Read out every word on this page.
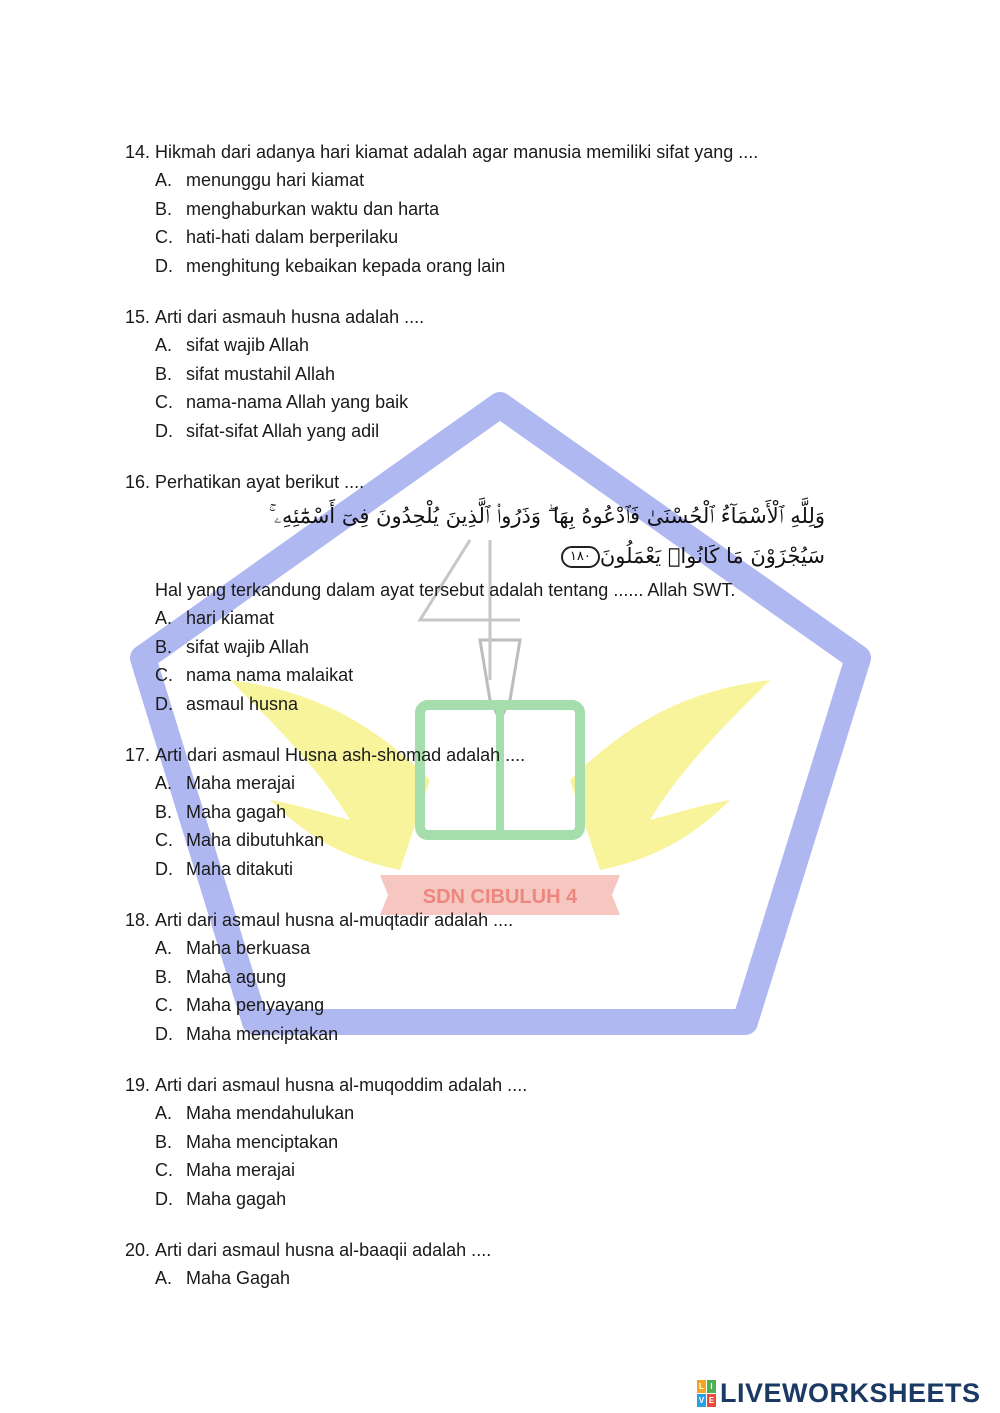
SDN CIBULUH 4
14. Hikmah dari adanya hari kiamat adalah agar manusia memiliki sifat yang ....
A. menunggu hari kiamat
B. menghaburkan waktu dan harta
C. hati-hati dalam berperilaku
D. menghitung kebaikan kepada orang lain
15. Arti dari asmauh husna adalah ....
A. sifat wajib Allah
B. sifat mustahil Allah
C. nama-nama Allah yang baik
D. sifat-sifat Allah yang adil
16. Perhatikan ayat berikut ....
وَلِلَّهِ ٱلْأَسْمَآءُ ٱلْحُسْنَىٰ فَٱدْعُوهُ بِهَا ۖ وَذَرُوا۟ ٱلَّذِينَ يُلْحِدُونَ فِىٓ أَسْمَٰٓئِهِۦ ۚ
سَيُجْزَوْنَ مَا كَانُوا۟ يَعْمَلُونَ١٨٠
Hal yang terkandung dalam ayat tersebut adalah tentang ...... Allah SWT.
A. hari kiamat
B. sifat wajib Allah
C. nama nama malaikat
D. asmaul husna
17. Arti dari asmaul Husna ash-shomad adalah ....
A. Maha merajai
B. Maha gagah
C. Maha dibutuhkan
D. Maha ditakuti
18. Arti dari asmaul husna al-muqtadir adalah ....
A. Maha berkuasa
B. Maha agung
C. Maha penyayang
D. Maha menciptakan
19. Arti dari asmaul husna al-muqoddim adalah ....
A. Maha mendahulukan
B. Maha menciptakan
C. Maha merajai
D. Maha gagah
20. Arti dari asmaul husna al-baaqii adalah ....
A. Maha Gagah
L I
V E LIVEWORKSHEETS
